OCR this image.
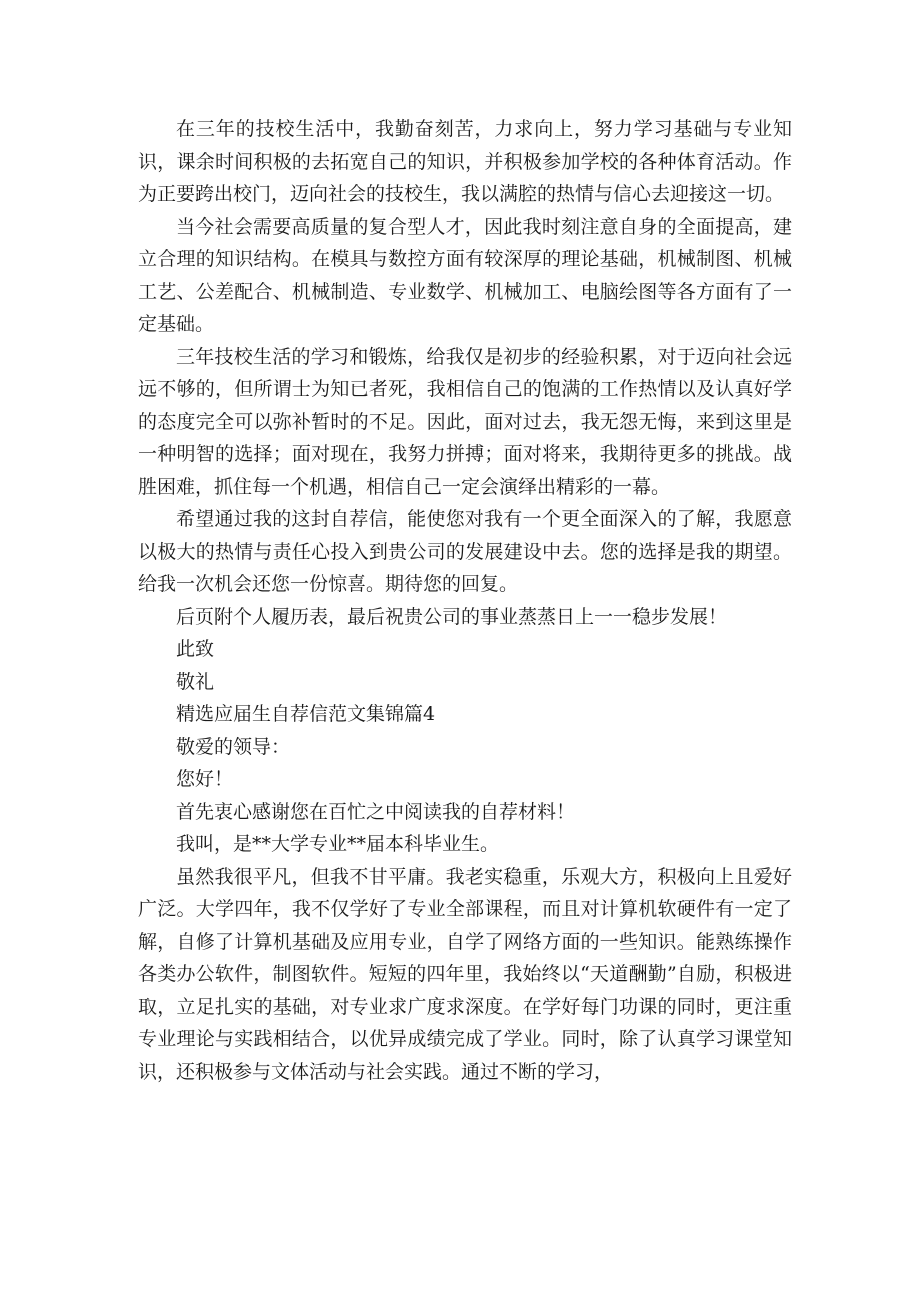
在三年的技校生活中，我勤奋刻苦，力求向上，努力学习基础与专业知识，课余时间积极的去拓宽自己的知识，并积极参加学校的各种体育活动。作为正要跨出校门，迈向社会的技校生，我以满腔的热情与信心去迎接这一切。

当今社会需要高质量的复合型人才，因此我时刻注意自身的全面提高，建立合理的知识结构。在模具与数控方面有较深厚的理论基础，机械制图、机械工艺、公差配合、机械制造、专业数学、机械加工、电脑绘图等各方面有了一定基础。

三年技校生活的学习和锻炼，给我仅是初步的经验积累，对于迈向社会远远不够的，但所谓士为知已者死，我相信自己的饱满的工作热情以及认真好学的态度完全可以弥补暂时的不足。因此，面对过去，我无怨无悔，来到这里是一种明智的选择；面对现在，我努力拼搏；面对将来，我期待更多的挑战。战胜困难，抓住每一个机遇，相信自己一定会演绎出精彩的一幕。

希望通过我的这封自荐信，能使您对我有一个更全面深入的了解，我愿意以极大的热情与责任心投入到贵公司的发展建设中去。您的选择是我的期望。给我一次机会还您一份惊喜。期待您的回复。

后页附个人履历表，最后祝贵公司的事业蒸蒸日上一一稳步发展！

此致

敬礼

精选应届生自荐信范文集锦篇4

敬爱的领导：

您好！

首先衷心感谢您在百忙之中阅读我的自荐材料！

我叫，是**大学专业**届本科毕业生。

虽然我很平凡，但我不甘平庸。我老实稳重，乐观大方，积极向上且爱好广泛。大学四年，我不仅学好了专业全部课程，而且对计算机软硬件有一定了解，自修了计算机基础及应用专业，自学了网络方面的一些知识。能熟练操作各类办公软件，制图软件。短短的四年里，我始终以“天道酬勤”自励，积极进取，立足扎实的基础，对专业求广度求深度。在学好每门功课的同时，更注重专业理论与实践相结合，以优异成绩完成了学业。同时，除了认真学习课堂知识，还积极参与文体活动与社会实践。通过不断的学习，
